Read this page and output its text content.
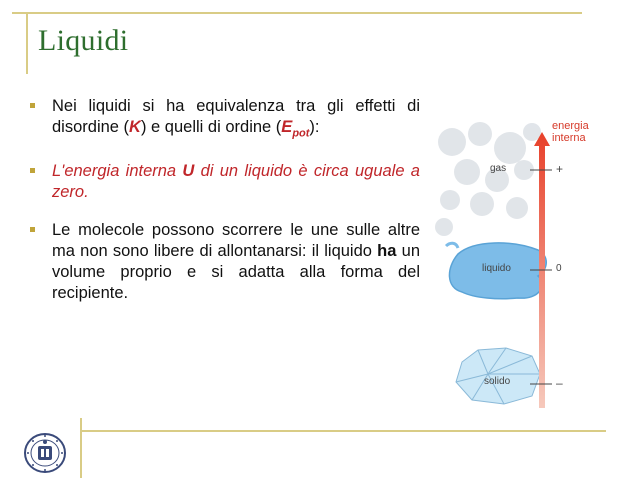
Liquidi
Nei liquidi si ha equivalenza tra gli effetti di disordine (K) e quelli di ordine $(E_{pot})$:
L'energia interna U di un liquido è circa uguale a zero.
Le molecole possono scorrere le une sulle altre ma non sono libere di allontanarsi: il liquido ha un volume proprio e si adatta alla forma del recipiente.
energia
interna
gas
liquido
solido
+
0
–
